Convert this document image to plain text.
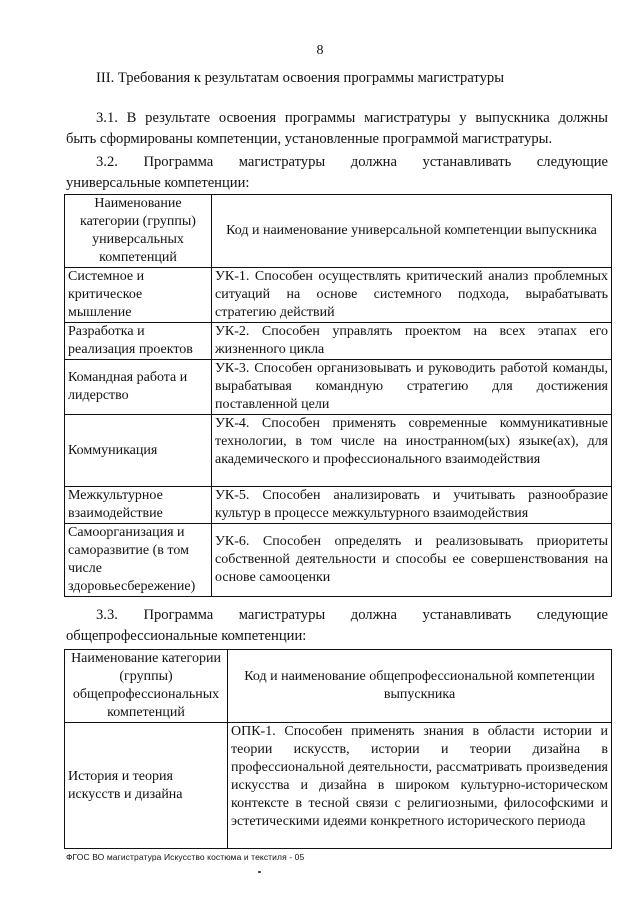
8
III. Требования к результатам освоения программы магистратуры
3.1. В результате освоения программы магистратуры у выпускника должны
быть сформированы компетенции, установленные программой магистратуры.
3.2. Программа магистратуры должна устанавливать следующие
универсальные компетенции:
Наименование категории (группы) универсальных компетенций	Код и наименование универсальной компетенции выпускника
Системное и критическое мышление	УК-1. Способен осуществлять критический анализ проблемных ситуаций на основе системного подхода, вырабатывать стратегию действий
Разработка и реализация проектов	УК-2. Способен управлять проектом на всех этапах его жизненного цикла
Командная работа и лидерство	УК-3. Способен организовывать и руководить работой команды, вырабатывая командную стратегию для достижения поставленной цели
Коммуникация	УК-4. Способен применять современные коммуникативные технологии, в том числе на иностранном(ых) языке(ах), для академического и профессионального взаимодействия
Межкультурное взаимодействие	УК-5. Способен анализировать и учитывать разнообразие культур в процессе межкультурного взаимодействия
Самоорганизация и саморазвитие (в том числе здоровьесбережение)	УК-6. Способен определять и реализовывать приоритеты собственной деятельности и способы ее совершенствования на основе самооценки
3.3. Программа магистратуры должна устанавливать следующие
общепрофессиональные компетенции:
Наименование категории (группы) общепрофессиональных компетенций	Код и наименование общепрофессиональной компетенции выпускника
История и теория искусств и дизайна	ОПК-1. Способен применять знания в области истории и теории искусств, истории и теории дизайна в профессиональной деятельности, рассматривать произведения искусства и дизайна в широком культурно-историческом контексте в тесной связи с религиозными, философскими и эстетическими идеями конкретного исторического периода
ФГОС ВО магистратура Искусство костюма и текстиля - 05
